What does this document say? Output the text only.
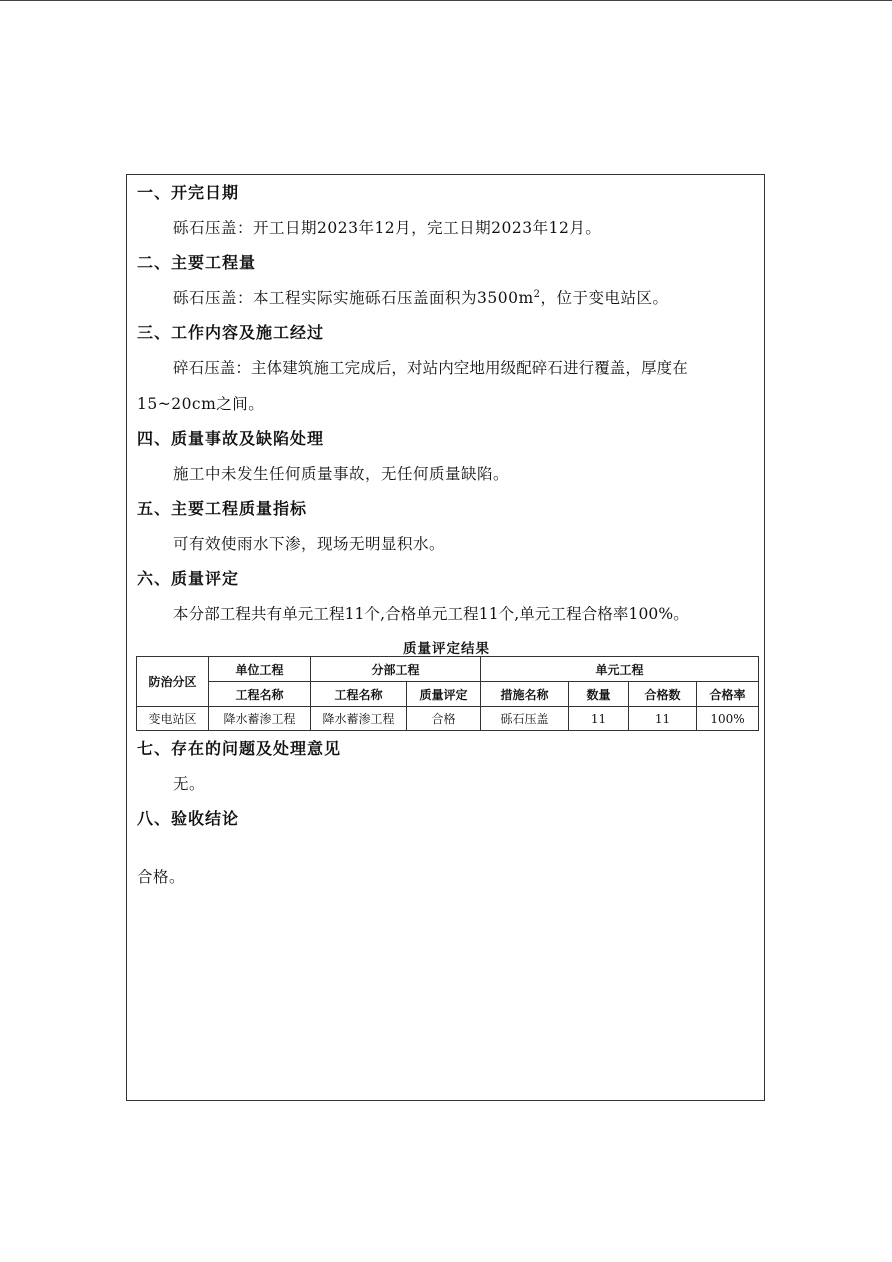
一、开完日期
砾石压盖：开工日期2023年12月，完工日期2023年12月。
二、主要工程量
砾石压盖：本工程实际实施砾石压盖面积为$3500m^2$，位于变电站区。
三、工作内容及施工经过
碎石压盖：主体建筑施工完成后，对站内空地用级配碎石进行覆盖，厚度在
15~20cm之间。
四、质量事故及缺陷处理
施工中未发生任何质量事故，无任何质量缺陷。
五、主要工程质量指标
可有效使雨水下渗，现场无明显积水。
六、质量评定
本分部工程共有单元工程11个,合格单元工程11个,单元工程合格率100%。
质量评定结果
防治分区	单位工程	分部工程		单元工程			
	工程名称	工程名称	质量评定	措施名称	数量	合格数	合格率
变电站区	降水蓄渗工程	降水蓄渗工程	合格	砾石压盖	11	11	100%
七、存在的问题及处理意见
无。
八、验收结论
合格。
